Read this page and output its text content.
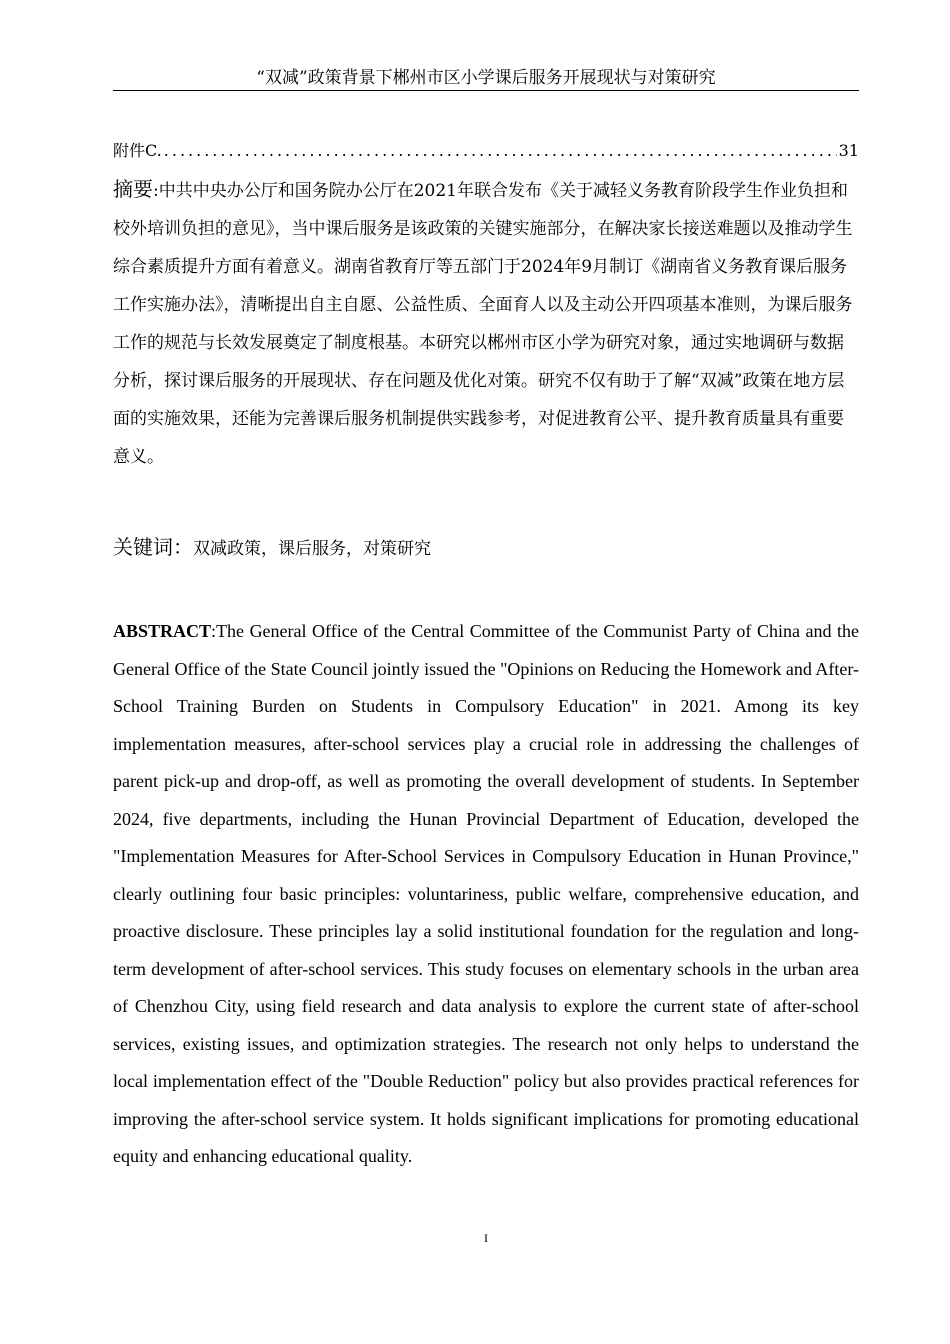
“双减”政策背景下郴州市区小学课后服务开展现状与对策研究
附件C.
.....	31

摘要:中共中央办公厅和国务院办公厅在2021年联合发布《关于减轻义务教育阶段学生作业负担和校外培训负担的意见》，当中课后服务是该政策的关键实施部分，在解决家长接送难题以及推动学生综合素质提升方面有着意义。湖南省教育厅等五部门于2024年9月制订《湖南省义务教育课后服务工作实施办法》，清晰提出自主自愿、公益性质、全面育人以及主动公开四项基本准则，为课后服务工作的规范与长效发展奠定了制度根基。本研究以郴州市区小学为研究对象，通过实地调研与数据分析，探讨课后服务的开展现状、存在问题及优化对策。研究不仅有助于了解“双减”政策在地方层面的实施效果，还能为完善课后服务机制提供实践参考，对促进教育公平、提升教育质量具有重要意义。

关键词：双减政策，课后服务，对策研究

ABSTRACT:The General Office of the Central Committee of the Communist Party of China and the General Office of the State Council jointly issued the "Opinions on Reducing the Homework and After-School Training Burden on Students in Compulsory Education" in 2021. Among its key implementation measures, after-school services play a crucial role in addressing the challenges of parent pick-up and drop-off, as well as promoting the overall development of students. In September 2024, five departments, including the Hunan Provincial Department of Education, developed the "Implementation Measures for After-School Services in Compulsory Education in Hunan Province," clearly outlining four basic principles: voluntariness, public welfare, comprehensive education, and proactive disclosure. These principles lay a solid institutional foundation for the regulation and long-term development of after-school services. This study focuses on elementary schools in the urban area of Chenzhou City, using field research and data analysis to explore the current state of after-school services, existing issues, and optimization strategies. The research not only helps to understand the local implementation effect of the "Double Reduction" policy but also provides practical references for improving the after-school service system. It holds significant implications for promoting educational equity and enhancing educational quality.

I
